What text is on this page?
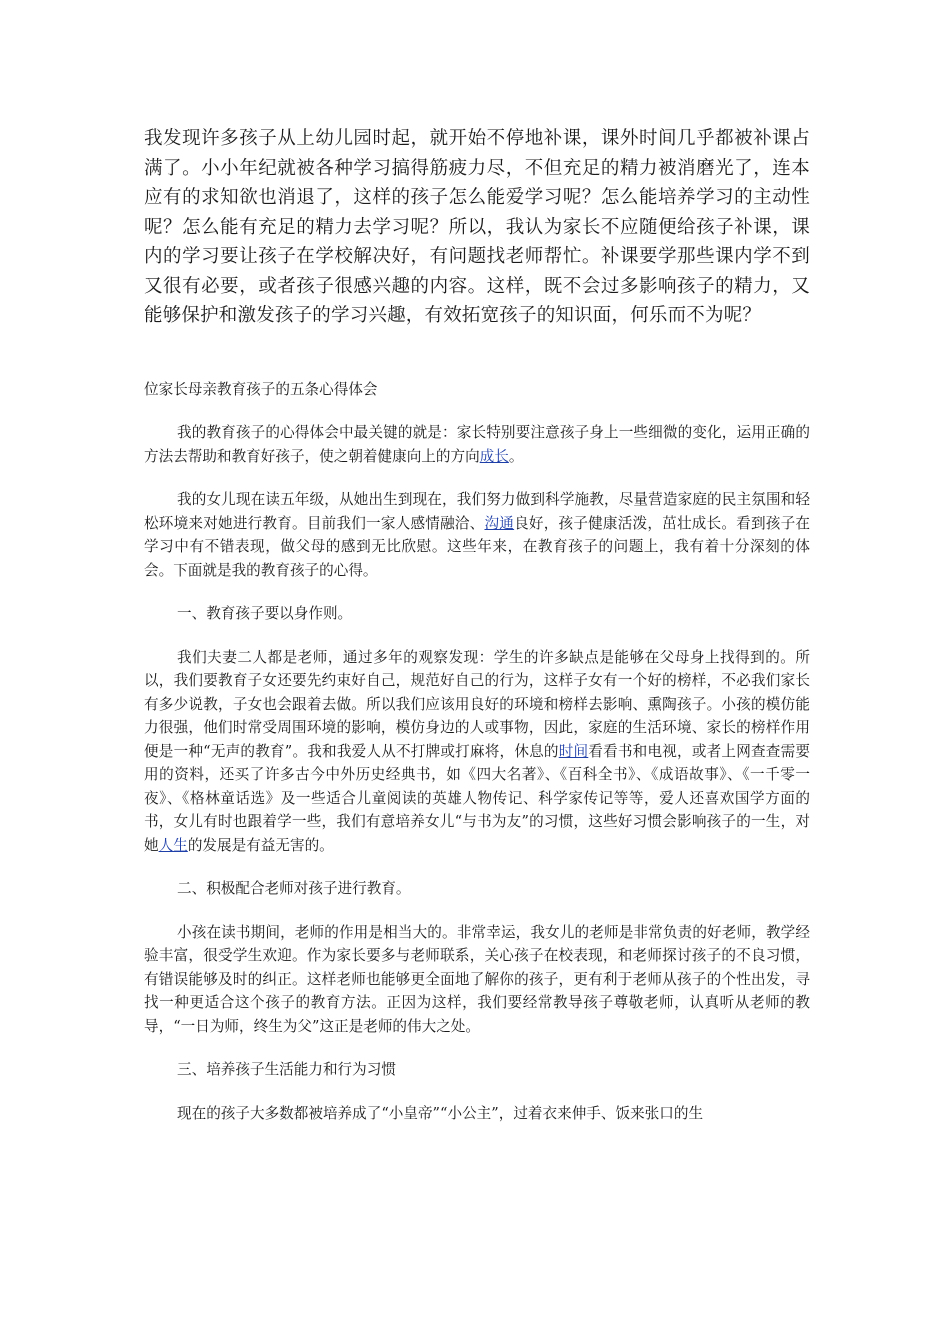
我发现许多孩子从上幼儿园时起，就开始不停地补课，课外时间几乎都被补课占满了。小小年纪就被各种学习搞得筋疲力尽，不但充足的精力被消磨光了，连本应有的求知欲也消退了，这样的孩子怎么能爱学习呢？怎么能培养学习的主动性呢？怎么能有充足的精力去学习呢？所以，我认为家长不应随便给孩子补课，课内的学习要让孩子在学校解决好，有问题找老师帮忙。补课要学那些课内学不到又很有必要，或者孩子很感兴趣的内容。这样，既不会过多影响孩子的精力，又能够保护和激发孩子的学习兴趣，有效拓宽孩子的知识面，何乐而不为呢？

位家长母亲教育孩子的五条心得体会

我的教育孩子的心得体会中最关键的就是：家长特别要注意孩子身上一些细微的变化，运用正确的方法去帮助和教育好孩子，使之朝着健康向上的方向成长。

我的女儿现在读五年级，从她出生到现在，我们努力做到科学施教，尽量营造家庭的民主氛围和轻松环境来对她进行教育。目前我们一家人感情融洽、沟通良好，孩子健康活泼，茁壮成长。看到孩子在学习中有不错表现，做父母的感到无比欣慰。这些年来，在教育孩子的问题上，我有着十分深刻的体会。下面就是我的教育孩子的心得。

一、教育孩子要以身作则。

我们夫妻二人都是老师，通过多年的观察发现：学生的许多缺点是能够在父母身上找得到的。所以，我们要教育子女还要先约束好自己，规范好自己的行为，这样子女有一个好的榜样，不必我们家长有多少说教，子女也会跟着去做。所以我们应该用良好的环境和榜样去影响、熏陶孩子。小孩的模仿能力很强，他们时常受周围环境的影响，模仿身边的人或事物，因此，家庭的生活环境、家长的榜样作用便是一种“无声的教育”。我和我爱人从不打牌或打麻将，休息的时间看看书和电视，或者上网查查需要用的资料，还买了许多古今中外历史经典书，如《四大名著》、《百科全书》、《成语故事》、《一千零一夜》、《格林童话选》及一些适合儿童阅读的英雄人物传记、科学家传记等等，爱人还喜欢国学方面的书，女儿有时也跟着学一些，我们有意培养女儿“与书为友”的习惯，这些好习惯会影响孩子的一生，对她人生的发展是有益无害的。

二、积极配合老师对孩子进行教育。

小孩在读书期间，老师的作用是相当大的。非常幸运，我女儿的老师是非常负责的好老师，教学经验丰富，很受学生欢迎。作为家长要多与老师联系，关心孩子在校表现，和老师探讨孩子的不良习惯，有错误能够及时的纠正。这样老师也能够更全面地了解你的孩子，更有利于老师从孩子的个性出发，寻找一种更适合这个孩子的教育方法。正因为这样，我们要经常教导孩子尊敬老师，认真听从老师的教导，“一日为师，终生为父”这正是老师的伟大之处。

三、培养孩子生活能力和行为习惯

现在的孩子大多数都被培养成了“小皇帝”“小公主”，过着衣来伸手、饭来张口的生
